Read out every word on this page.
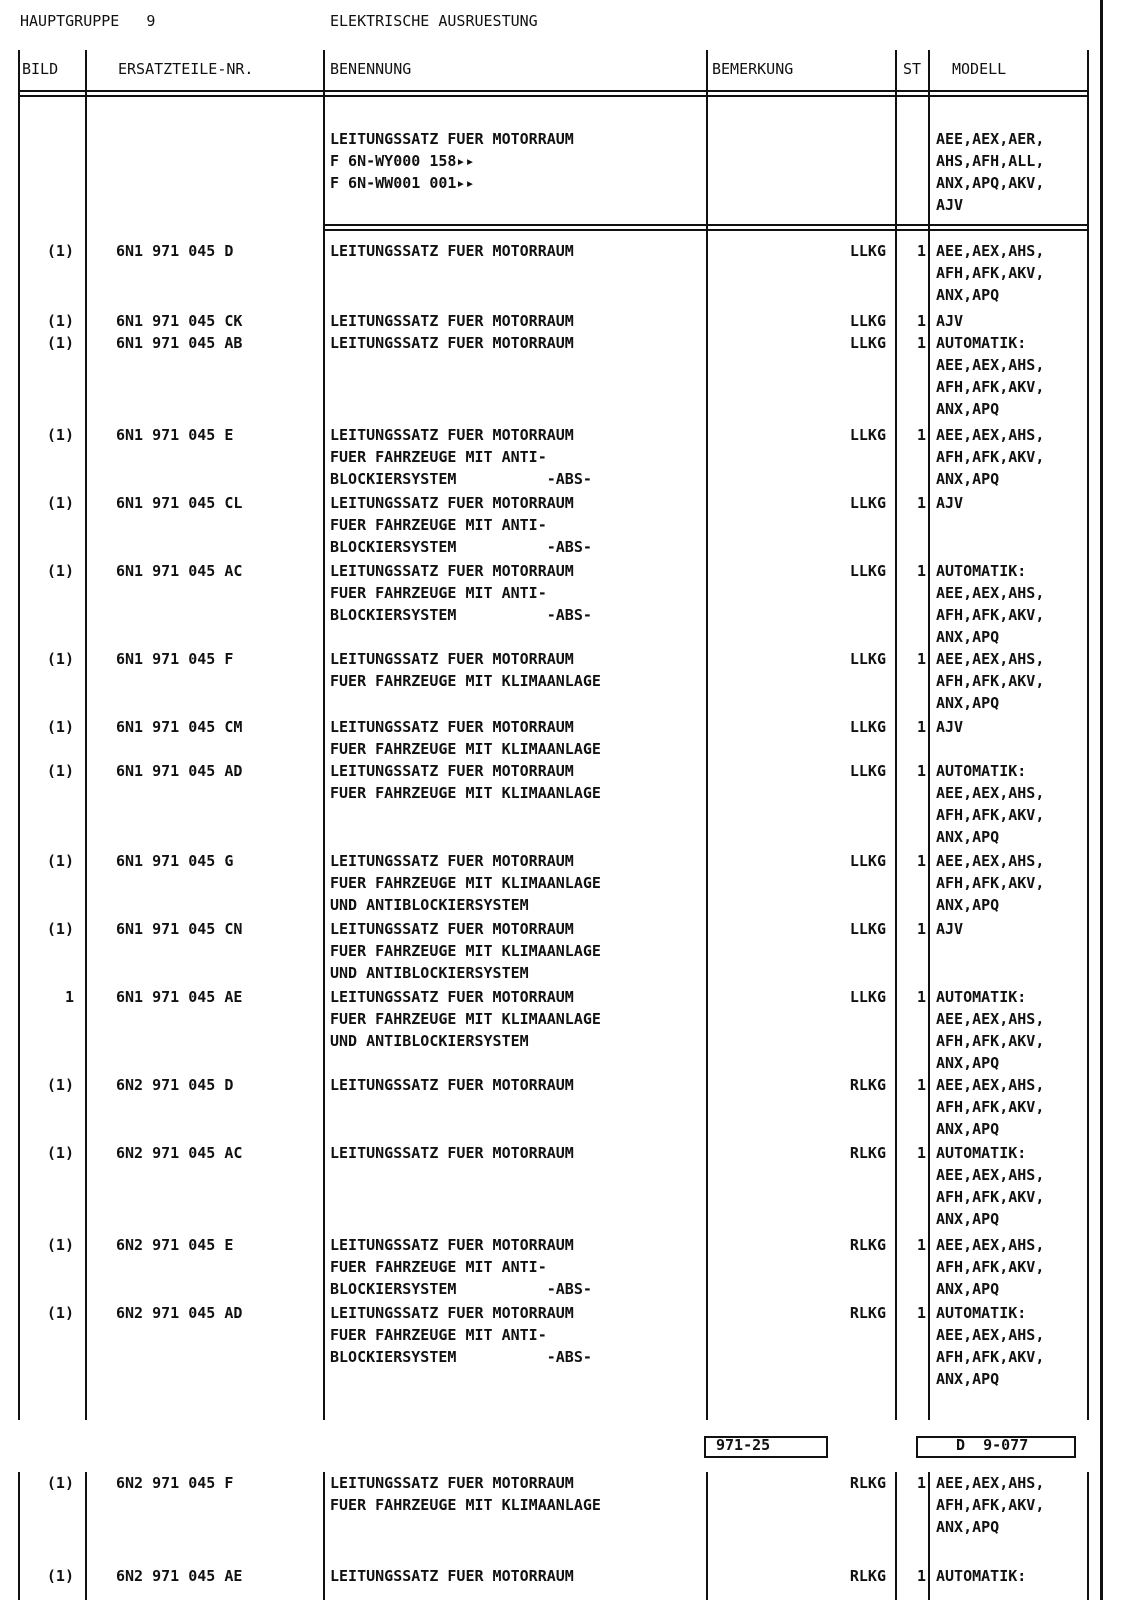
HAUPTGRUPPE   9	ELEKTRISCHE AUSRUESTUNG
BILD	ERSATZTEILE-NR.	BENENNUNG	BEMERKUNG	ST MODELL
LEITUNGSSATZ FUER MOTORRAUM
F 6N-WY000 158▸▸
F 6N-WW001 001▸▸
AEE,AEX,AER,
AHS,AFH,ALL,
ANX,APQ,AKV,
AJV
(1)	6N1 971 045 D	LEITUNGSSATZ FUER MOTORRAUM	LLKG	1 AEE,AEX,AHS,
AFH,AFK,AKV,
ANX,APQ
(1)	6N1 971 045 CK	LEITUNGSSATZ FUER MOTORRAUM	LLKG	1 AJV
(1)	6N1 971 045 AB	LEITUNGSSATZ FUER MOTORRAUM	LLKG	1 AUTOMATIK:
AEE,AEX,AHS,
AFH,AFK,AKV,
ANX,APQ
(1)	6N1 971 045 E	LEITUNGSSATZ FUER MOTORRAUM
FUER FAHRZEUGE MIT ANTI-
BLOCKIERSYSTEM          -ABS-
LLKG	1 AEE,AEX,AHS,
AFH,AFK,AKV,
ANX,APQ
(1)	6N1 971 045 CL	LEITUNGSSATZ FUER MOTORRAUM
FUER FAHRZEUGE MIT ANTI-
BLOCKIERSYSTEM          -ABS-
LLKG	1 AJV
(1)	6N1 971 045 AC	LEITUNGSSATZ FUER MOTORRAUM
FUER FAHRZEUGE MIT ANTI-
BLOCKIERSYSTEM          -ABS-
LLKG	1 AUTOMATIK:
AEE,AEX,AHS,
AFH,AFK,AKV,
ANX,APQ
(1)	6N1 971 045 F	LEITUNGSSATZ FUER MOTORRAUM
FUER FAHRZEUGE MIT KLIMAANLAGE
LLKG	1 AEE,AEX,AHS,
AFH,AFK,AKV,
ANX,APQ
(1)	6N1 971 045 CM	LEITUNGSSATZ FUER MOTORRAUM
FUER FAHRZEUGE MIT KLIMAANLAGE
LLKG	1 AJV
(1)	6N1 971 045 AD	LEITUNGSSATZ FUER MOTORRAUM
FUER FAHRZEUGE MIT KLIMAANLAGE
LLKG	1 AUTOMATIK:
AEE,AEX,AHS,
AFH,AFK,AKV,
ANX,APQ
(1)	6N1 971 045 G	LEITUNGSSATZ FUER MOTORRAUM
FUER FAHRZEUGE MIT KLIMAANLAGE
UND ANTIBLOCKIERSYSTEM
LLKG	1 AEE,AEX,AHS,
AFH,AFK,AKV,
ANX,APQ
(1)	6N1 971 045 CN	LEITUNGSSATZ FUER MOTORRAUM
FUER FAHRZEUGE MIT KLIMAANLAGE
UND ANTIBLOCKIERSYSTEM
LLKG	1 AJV
1	6N1 971 045 AE	LEITUNGSSATZ FUER MOTORRAUM
FUER FAHRZEUGE MIT KLIMAANLAGE
UND ANTIBLOCKIERSYSTEM
LLKG	1 AUTOMATIK:
AEE,AEX,AHS,
AFH,AFK,AKV,
ANX,APQ
(1)	6N2 971 045 D	LEITUNGSSATZ FUER MOTORRAUM	RLKG	1 AEE,AEX,AHS,
AFH,AFK,AKV,
ANX,APQ
(1)	6N2 971 045 AC	LEITUNGSSATZ FUER MOTORRAUM	RLKG	1 AUTOMATIK:
AEE,AEX,AHS,
AFH,AFK,AKV,
ANX,APQ
(1)	6N2 971 045 E	LEITUNGSSATZ FUER MOTORRAUM
FUER FAHRZEUGE MIT ANTI-
BLOCKIERSYSTEM          -ABS-
RLKG	1 AEE,AEX,AHS,
AFH,AFK,AKV,
ANX,APQ
(1)	6N2 971 045 AD	LEITUNGSSATZ FUER MOTORRAUM
FUER FAHRZEUGE MIT ANTI-
BLOCKIERSYSTEM          -ABS-
RLKG	1 AUTOMATIK:
AEE,AEX,AHS,
AFH,AFK,AKV,
ANX,APQ
971-25	D  9-077
(1)	6N2 971 045 F	LEITUNGSSATZ FUER MOTORRAUM
FUER FAHRZEUGE MIT KLIMAANLAGE
RLKG	1 AEE,AEX,AHS,
AFH,AFK,AKV,
ANX,APQ
(1)	6N2 971 045 AE	LEITUNGSSATZ FUER MOTORRAUM	RLKG	1 AUTOMATIK:
